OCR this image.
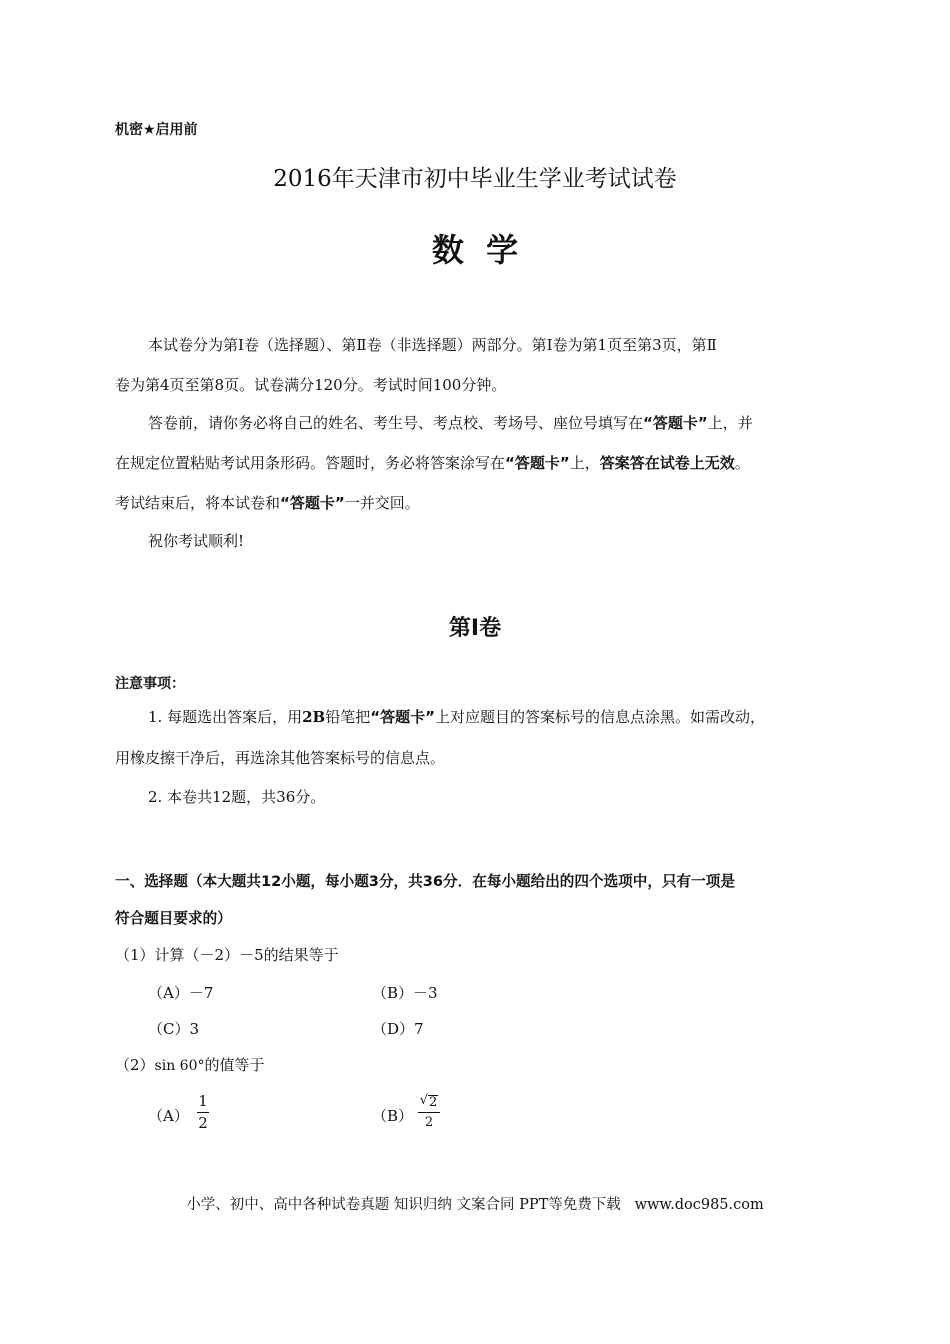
机密★启用前
2016年天津市初中毕业生学业考试试卷
数  学
本试卷分为第Ⅰ卷（选择题）、第Ⅱ卷（非选择题）两部分。第Ⅰ卷为第1页至第3页，第Ⅱ
卷为第4页至第8页。试卷满分120分。考试时间100分钟。
答卷前，请你务必将自己的姓名、考生号、考点校、考场号、座位号填写在“答题卡”上，并
在规定位置粘贴考试用条形码。答题时，务必将答案涂写在“答题卡”上，答案答在试卷上无效。
考试结束后，将本试卷和“答题卡”一并交回。
祝你考试顺利!
第Ⅰ卷
注意事项：
1. 每题选出答案后，用2B铅笔把“答题卡”上对应题目的答案标号的信息点涂黑。如需改动，
用橡皮擦干净后，再选涂其他答案标号的信息点。
2. 本卷共12题，共36分。
一、选择题（本大题共12小题，每小题3分，共36分．在每小题给出的四个选项中，只有一项是
符合题目要求的）
（1）计算（－2）－5的结果等于
（A）－7	（B）－3
（C）3	（D）7
（2）sin 60°的值等于
（A）
1
2	（B）
√ 2
2
小学、初中、高中各种试卷真题 知识归纳 文案合同 PPT等免费下载   www.doc985.com
